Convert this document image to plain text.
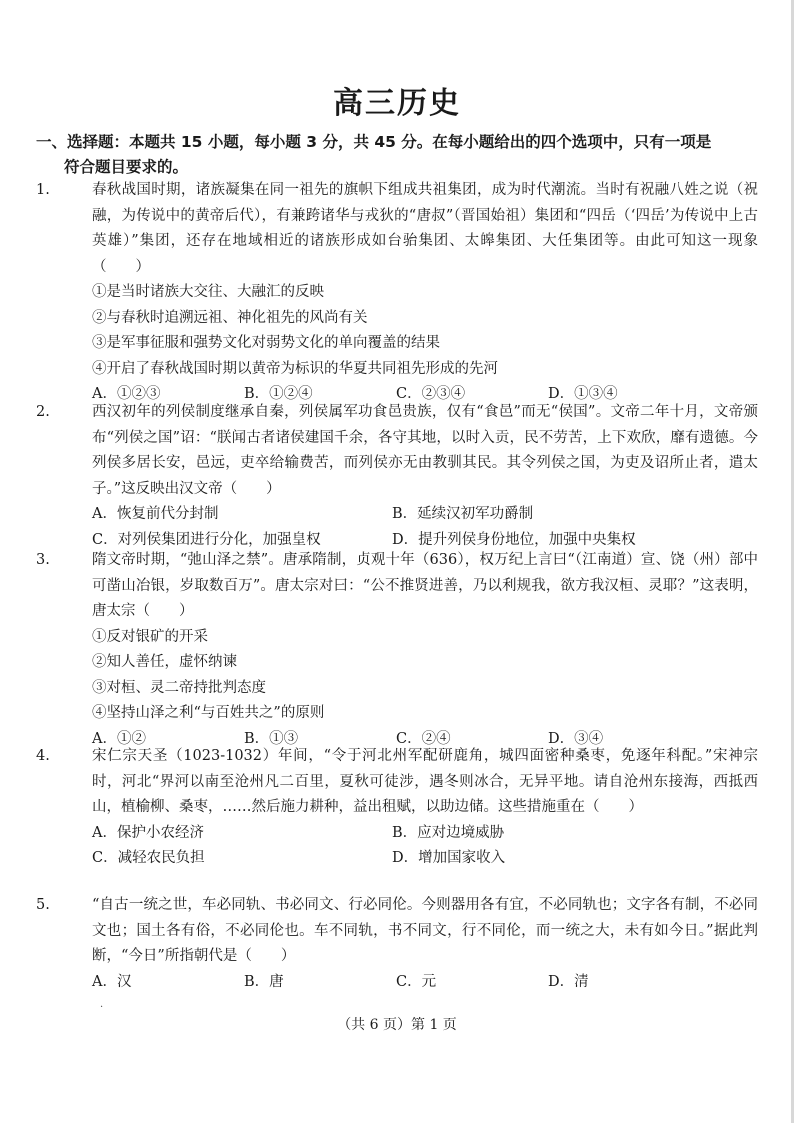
高三历史
一、选择题：本题共 15 小题，每小题 3 分，共 45 分。在每小题给出的四个选项中，只有一项是
符合题目要求的。
1.	春秋战国时期，诸族凝集在同一祖先的旗帜下组成共祖集团，成为时代潮流。当时有祝融八姓之说（祝融，为传说中的黄帝后代），有兼跨诸华与戎狄的“唐叔”（晋国始祖）集团和“四岳（‘四岳’为传说中上古英雄）”集团，还存在地域相近的诸族形成如台骀集团、太皞集团、大任集团等。由此可知这一现象（　　）
①是当时诸族大交往、大融汇的反映
②与春秋时追溯远祖、神化祖先的风尚有关
③是军事征服和强势文化对弱势文化的单向覆盖的结果
④开启了春秋战国时期以黄帝为标识的华夏共同祖先形成的先河
A．①②③	B．①②④	C．②③④	D．①③④
2.	西汉初年的列侯制度继承自秦，列侯属军功食邑贵族，仅有“食邑”而无“侯国”。文帝二年十月，文帝颁布“列侯之国”诏：“朕闻古者诸侯建国千余，各守其地，以时入贡，民不劳苦，上下欢欣，靡有遗德。今列侯多居长安，邑远，吏卒给输费苦，而列侯亦无由教驯其民。其令列侯之国，为吏及诏所止者，遣太子。”这反映出汉文帝（　　）
A．恢复前代分封制	B．延续汉初军功爵制
C．对列侯集团进行分化，加强皇权	D．提升列侯身份地位，加强中央集权
3.	隋文帝时期，“弛山泽之禁”。唐承隋制，贞观十年（636），权万纪上言曰“（江南道）宣、饶（州）部中可凿山冶银，岁取数百万”。唐太宗对曰：“公不推贤进善，乃以利规我，欲方我汉桓、灵耶？”这表明，唐太宗（　　）
①反对银矿的开采
②知人善任，虚怀纳谏
③对桓、灵二帝持批判态度
④坚持山泽之利“与百姓共之”的原则
A．①②	B．①③	C．②④	D．③④
4.	宋仁宗天圣（1023-1032）年间，“令于河北州军配研鹿角，城四面密种桑枣，免逐年科配。”宋神宗时，河北“界河以南至沧州凡二百里，夏秋可徒涉，遇冬则冰合，无异平地。请自沧州东接海，西抵西山，植榆柳、桑枣，……然后施力耕种，益出租赋，以助边储。这些措施重在（　　）
A．保护小农经济	B．应对边境威胁
C．减轻农民负担	D．增加国家收入
5.	“自古一统之世，车必同轨、书必同文、行必同伦。今则器用各有宜，不必同轨也；文字各有制，不必同文也；国土各有俗，不必同伦也。车不同轨，书不同文，行不同伦，而一统之大，未有如今日。”据此判断，“今日”所指朝代是（　　）
A．汉	B．唐	C．元	D．清
·
（共 6 页）第 1 页
